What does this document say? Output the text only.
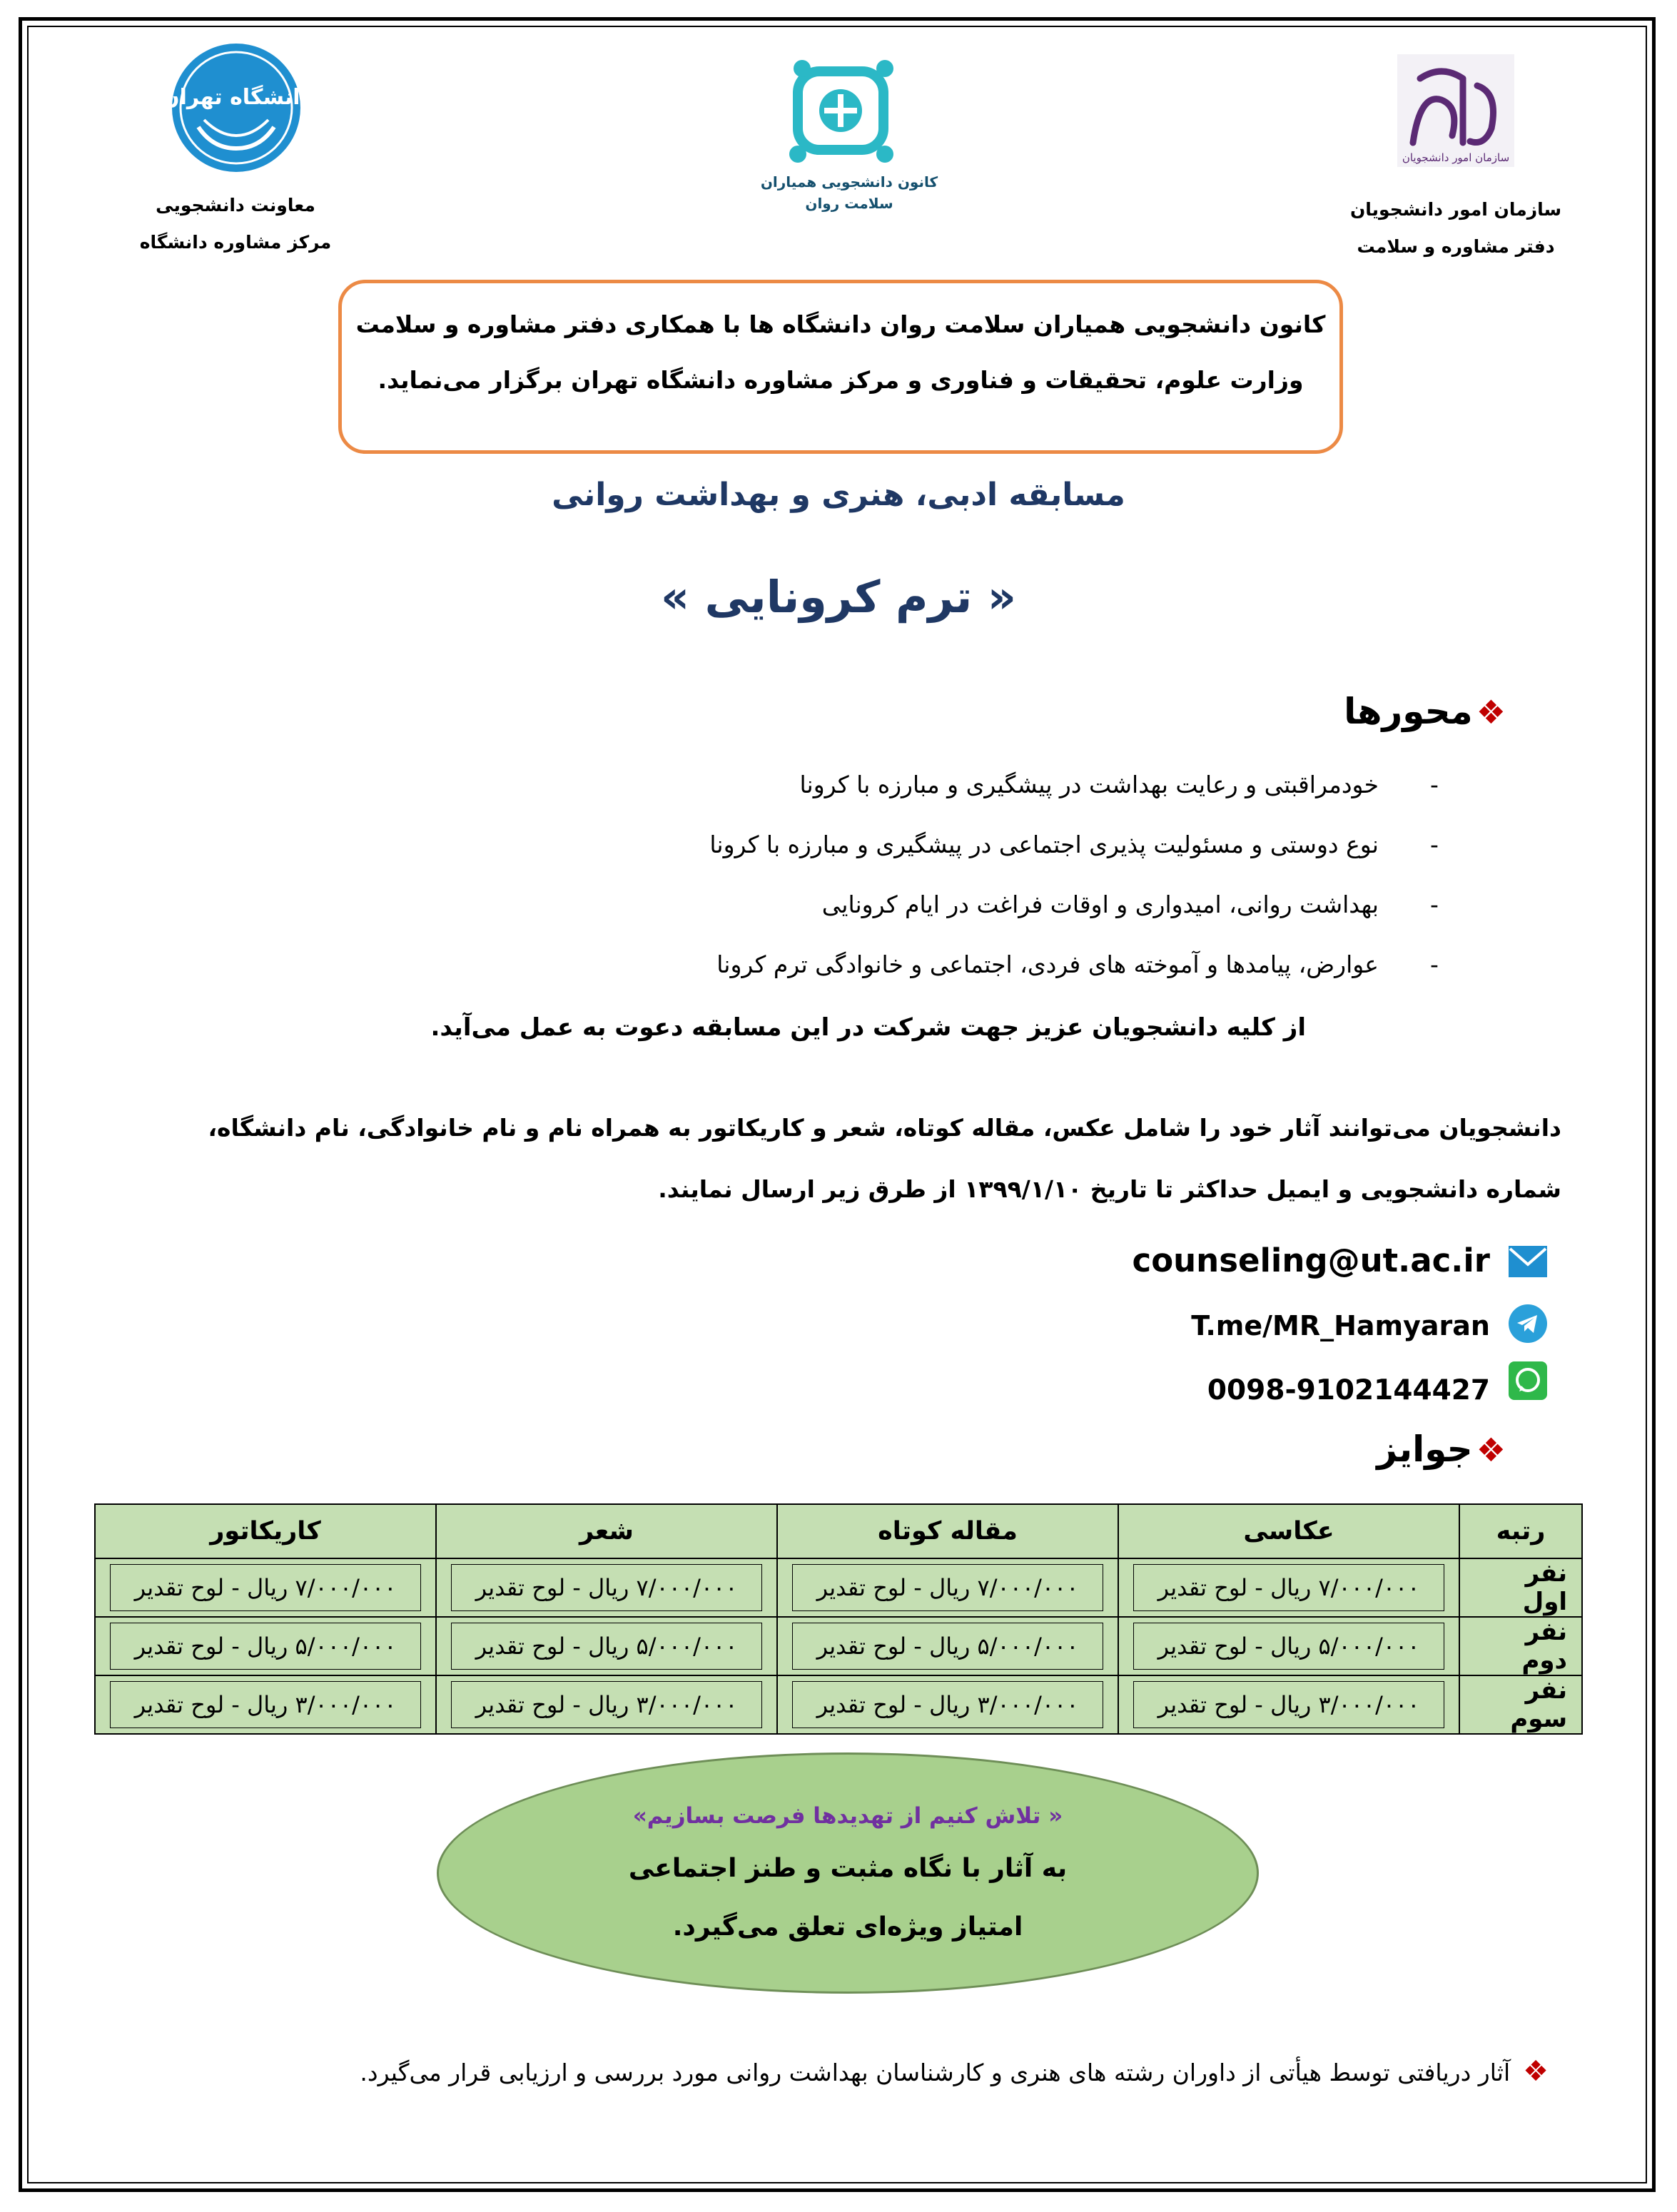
دانشگاه تهران
معاونت دانشجویی
مرکز مشاوره دانشگاه
کانون دانشجویی همیاران
سلامت روان
سازمان امور دانشجویان
سازمان امور دانشجویان
دفتر مشاوره و سلامت
کانون دانشجویی همیاران سلامت روان دانشگاه ها با همکاری دفتر مشاوره و سلامت
وزارت علوم، تحقیقات و فناوری و مرکز مشاوره دانشگاه تهران برگزار می‌نماید.
مسابقه ادبی، هنری و بهداشت روانی
« ترم کرونایی »
❖ محورها
- خودمراقبتی و رعایت بهداشت در پیشگیری و مبارزه با کرونا
- نوع دوستی و مسئولیت پذیری اجتماعی در پیشگیری و مبارزه با کرونا
- بهداشت روانی، امیدواری و اوقات فراغت در ایام کرونایی
- عوارض، پیامدها و آموخته های فردی، اجتماعی و خانوادگی ترم کرونا
از کلیه دانشجویان عزیز جهت شرکت در این مسابقه دعوت به عمل می‌آید.
دانشجویان می‌توانند آثار خود را شامل عکس، مقاله کوتاه، شعر و کاریکاتور به همراه نام و نام خانوادگی، نام دانشگاه،
شماره دانشجویی و ایمیل حداکثر تا تاریخ ۱۳۹۹/۱/۱۰ از طرق زیر ارسال نمایند.
counseling@ut.ac.ir
T.me/MR_Hamyaran
0098-9102144427
❖ جوایز
رتبه	عکاسی	مقاله کوتاه	شعر	کاریکاتور
نفر اول	۷/۰۰۰/۰۰۰ ریال - لوح تقدیر	۷/۰۰۰/۰۰۰ ریال - لوح تقدیر	۷/۰۰۰/۰۰۰ ریال - لوح تقدیر	۷/۰۰۰/۰۰۰ ریال - لوح تقدیر

نفر دوم	۵/۰۰۰/۰۰۰ ریال - لوح تقدیر	۵/۰۰۰/۰۰۰ ریال - لوح تقدیر	۵/۰۰۰/۰۰۰ ریال - لوح تقدیر	۵/۰۰۰/۰۰۰ ریال - لوح تقدیر

نفر سوم	۳/۰۰۰/۰۰۰ ریال - لوح تقدیر	۳/۰۰۰/۰۰۰ ریال - لوح تقدیر	۳/۰۰۰/۰۰۰ ریال - لوح تقدیر	۳/۰۰۰/۰۰۰ ریال - لوح تقدیر
« تلاش کنیم از تهدیدها فرصت بسازیم»
به آثار با نگاه مثبت و طنز اجتماعی
امتیاز ویژه‌ای تعلق می‌گیرد.
❖آثار دریافتی توسط هیأتی از داوران رشته های هنری و کارشناسان بهداشت روانی مورد بررسی و ارزیابی قرار می‌گیرد.
